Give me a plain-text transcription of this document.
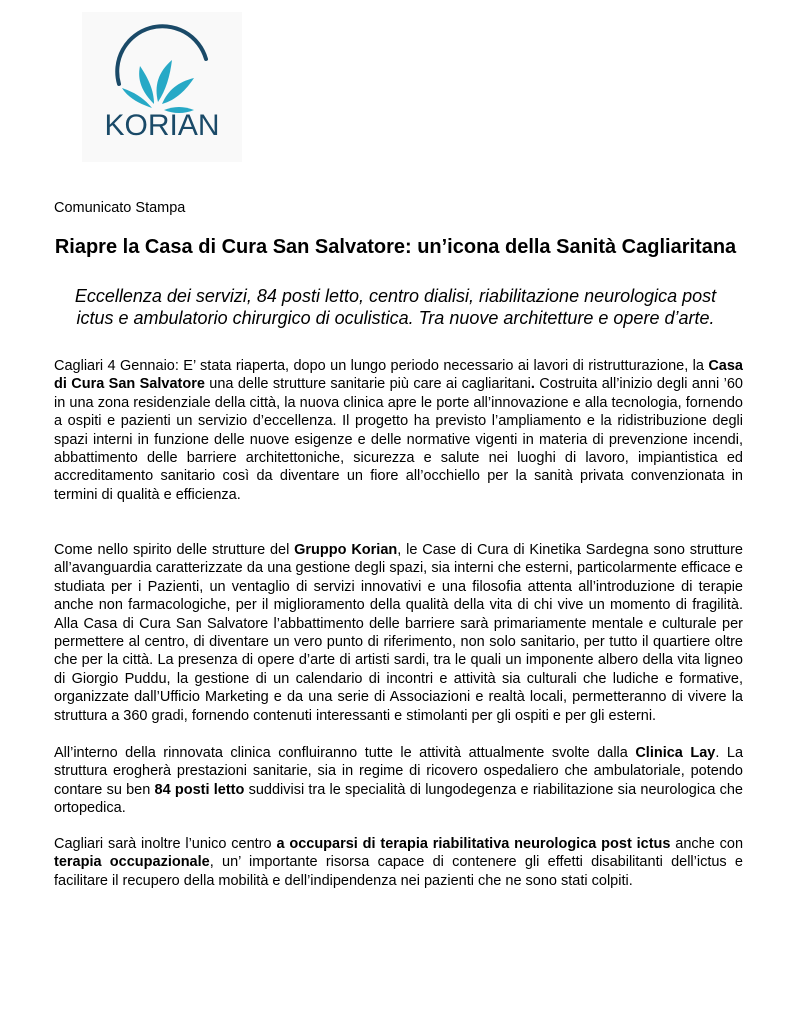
KORIAN
Comunicato Stampa
Riapre la Casa di Cura San Salvatore: un’icona della Sanità Cagliaritana

Eccellenza dei servizi, 84 posti letto, centro dialisi, riabilitazione neurologica post ictus e ambulatorio chirurgico di oculistica. Tra nuove architetture e opere d’arte.

Cagliari 4 Gennaio: E’ stata riaperta, dopo un lungo periodo necessario ai lavori di ristrutturazione, la Casa di Cura San Salvatore una delle strutture sanitarie più care ai cagliaritani. Costruita all’inizio degli anni ’60 in una zona residenziale della città, la nuova clinica apre le porte all’innovazione e alla tecnologia, fornendo a ospiti e pazienti un servizio d’eccellenza. Il progetto ha previsto l’ampliamento e la ridistribuzione degli spazi interni in funzione delle nuove esigenze e delle normative vigenti in materia di prevenzione incendi, abbattimento delle barriere architettoniche, sicurezza e salute nei luoghi di lavoro, impiantistica ed accreditamento sanitario così da diventare un fiore all’occhiello per la sanità privata convenzionata in termini di qualità e efficienza.

Come nello spirito delle strutture del Gruppo Korian, le Case di Cura di Kinetika Sardegna sono strutture all’avanguardia caratterizzate da una gestione degli spazi, sia interni che esterni, particolarmente efficace e studiata per i Pazienti, un ventaglio di servizi innovativi e una filosofia attenta all’introduzione di terapie anche non farmacologiche, per il miglioramento della qualità della vita di chi vive un momento di fragilità. Alla Casa di Cura San Salvatore l’abbattimento delle barriere sarà primariamente mentale e culturale per permettere al centro, di diventare un vero punto di riferimento, non solo sanitario, per tutto il quartiere oltre che per la città. La presenza di opere d’arte di artisti sardi, tra le quali un imponente albero della vita ligneo di Giorgio Puddu, la gestione di un calendario di incontri e attività sia culturali che ludiche e formative, organizzate dall’Ufficio Marketing e da una serie di Associazioni e realtà locali, permetteranno di vivere la struttura a 360 gradi, fornendo contenuti interessanti e stimolanti per gli ospiti e per gli esterni.

All’interno della rinnovata clinica confluiranno tutte le attività attualmente svolte dalla Clinica Lay. La struttura erogherà prestazioni sanitarie, sia in regime di ricovero ospedaliero che ambulatoriale, potendo contare su ben 84 posti letto suddivisi tra le specialità di lungodegenza e riabilitazione sia neurologica che ortopedica.

Cagliari sarà inoltre l’unico centro a occuparsi di terapia riabilitativa neurologica post ictus anche con terapia occupazionale, un’ importante risorsa capace di contenere gli effetti disabilitanti dell’ictus e facilitare il recupero della mobilità e dell’indipendenza nei pazienti che ne sono stati colpiti.
